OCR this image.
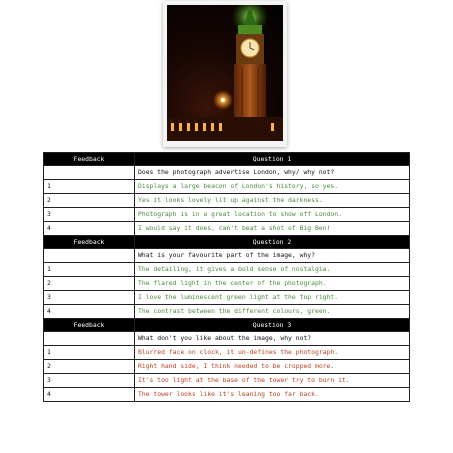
Feedback	Question 1
	Does the photograph advertise London, why/ why not?
1	Displays a large beacon of London's history, so yes.
2	Yes it looks lovely lit up against the darkness.
3	Photograph is in a great location to show off London.
4	I would say it does, can't beat a shot of Big Ben!
Feedback	Question 2
	What is your favourite part of the image, why?
1	The detailing, it gives a bold sense of nostalgia.
2	The flared light in the center of the photograph.
3	I love the luminescent green light at the top right.
4	The contrast between the different colours, green.
Feedback	Question 3
	What don't you like about the image, why not?
1	Blurred face on clock, it un-defines the photograph.
2	Right hand side, I think needed to be cropped more.
3	It's too light at the base of the tower try to burn it.
4	The tower looks like it's leaning too far back.
